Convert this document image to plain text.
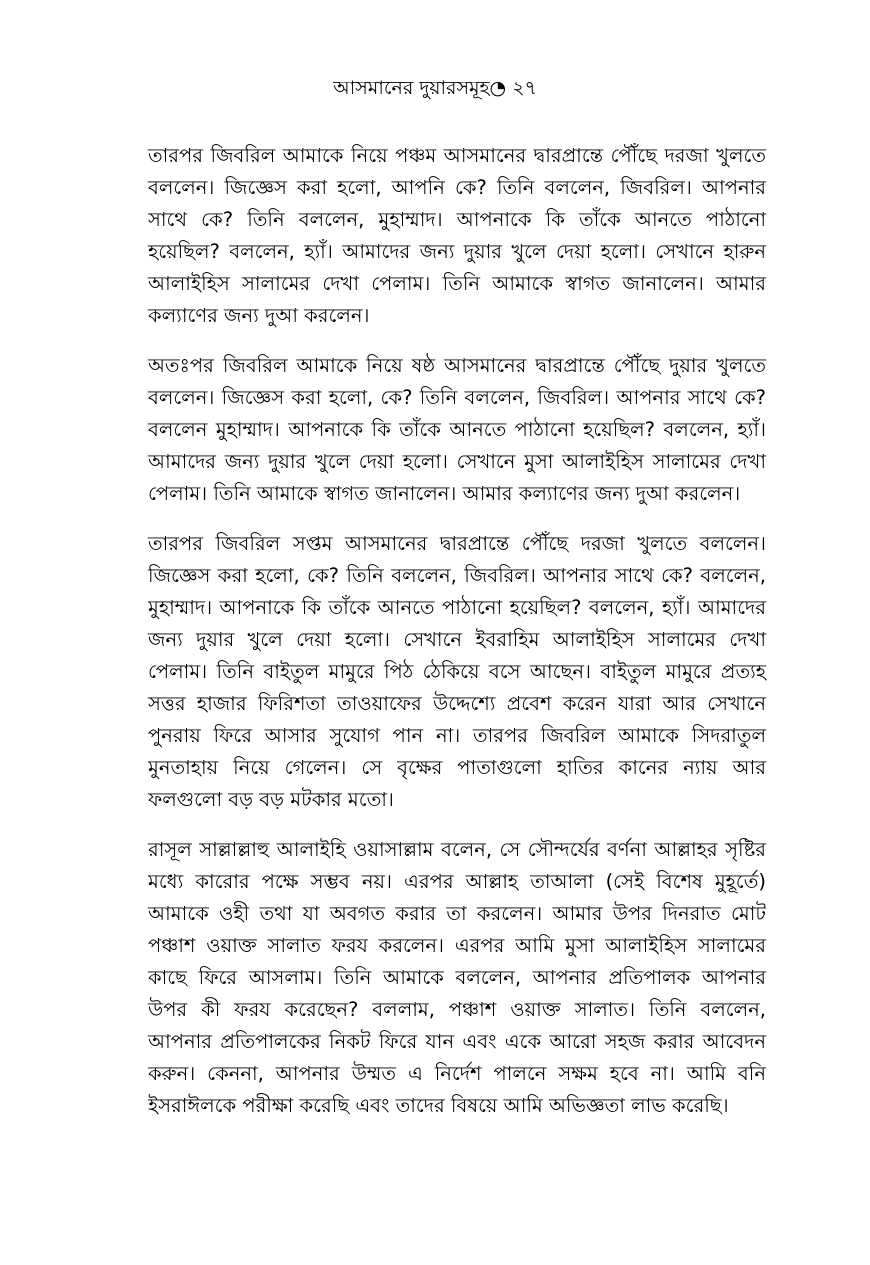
আসমানের দুয়ারসমূহ◔ ২৭

তারপর জিবরিল আমাকে নিয়ে পঞ্চম আসমানের দ্বারপ্রান্তে পৌঁছে দরজা খুলতে বললেন। জিজ্ঞেস করা হলো, আপনি কে? তিনি বললেন, জিবরিল। আপনার সাথে কে? তিনি বললেন, মুহাম্মাদ। আপনাকে কি তাঁকে আনতে পাঠানো হয়েছিল? বললেন, হ্যাঁ। আমাদের জন্য দুয়ার খুলে দেয়া হলো। সেখানে হারুন আলাইহিস সালামের দেখা পেলাম। তিনি আমাকে স্বাগত জানালেন। আমার কল্যাণের জন্য দুআ করলেন।

অতঃপর জিবরিল আমাকে নিয়ে ষষ্ঠ আসমানের দ্বারপ্রান্তে পৌঁছে দুয়ার খুলতে বললেন। জিজ্ঞেস করা হলো, কে? তিনি বললেন, জিবরিল। আপনার সাথে কে? বললেন মুহাম্মাদ। আপনাকে কি তাঁকে আনতে পাঠানো হয়েছিল? বললেন, হ্যাঁ। আমাদের জন্য দুয়ার খুলে দেয়া হলো। সেখানে মুসা আলাইহিস সালামের দেখা পেলাম। তিনি আমাকে স্বাগত জানালেন। আমার কল্যাণের জন্য দুআ করলেন।

তারপর জিবরিল সপ্তম আসমানের দ্বারপ্রান্তে পৌঁছে দরজা খুলতে বললেন। জিজ্ঞেস করা হলো, কে? তিনি বললেন, জিবরিল। আপনার সাথে কে? বললেন, মুহাম্মাদ। আপনাকে কি তাঁকে আনতে পাঠানো হয়েছিল? বললেন, হ্যাঁ। আমাদের জন্য দুয়ার খুলে দেয়া হলো। সেখানে ইবরাহিম আলাইহিস সালামের দেখা পেলাম। তিনি বাইতুল মামুরে পিঠ ঠেকিয়ে বসে আছেন। বাইতুল মামুরে প্রত্যহ সত্তর হাজার ফিরিশতা তাওয়াফের উদ্দেশ্যে প্রবেশ করেন যারা আর সেখানে পুনরায় ফিরে আসার সুযোগ পান না। তারপর জিবরিল আমাকে সিদরাতুল মুনতাহায় নিয়ে গেলেন। সে বৃক্ষের পাতাগুলো হাতির কানের ন্যায় আর ফলগুলো বড় বড় মটকার মতো।

রাসূল সাল্লাল্লাহু আলাইহি ওয়াসাল্লাম বলেন, সে সৌন্দর্যের বর্ণনা আল্লাহর সৃষ্টির মধ্যে কারোর পক্ষে সম্ভব নয়। এরপর আল্লাহ তাআলা (সেই বিশেষ মুহূর্তে) আমাকে ওহী তথা যা অবগত করার তা করলেন। আমার উপর দিনরাত মোট পঞ্চাশ ওয়াক্ত সালাত ফরয করলেন। এরপর আমি মুসা আলাইহিস সালামের কাছে ফিরে আসলাম। তিনি আমাকে বললেন, আপনার প্রতিপালক আপনার উপর কী ফরয করেছেন? বললাম, পঞ্চাশ ওয়াক্ত সালাত। তিনি বললেন, আপনার প্রতিপালকের নিকট ফিরে যান এবং একে আরো সহজ করার আবেদন করুন। কেননা, আপনার উম্মত এ নির্দেশ পালনে সক্ষম হবে না। আমি বনি ইসরাঈলকে পরীক্ষা করেছি এবং তাদের বিষয়ে আমি অভিজ্ঞতা লাভ করেছি।
